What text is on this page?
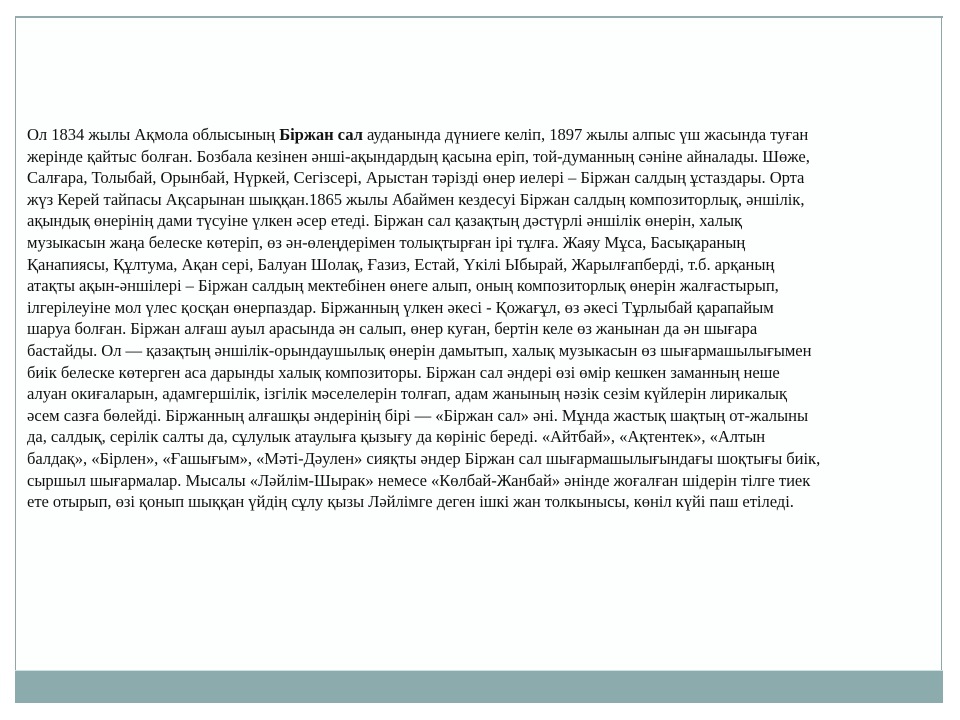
Ол 1834 жылы Ақмола облысының Біржан сал ауданында дүниеге келіп, 1897 жылы алпыс үш жасында туған
жерінде қайтыс болған. Бозбала кезінен әнші-ақындардың қасына еріп, той-думанның сәніне айналады. Шөже,
Салғара, Толыбай, Орынбай, Нүркей, Сегізсері, Арыстан тәрізді өнер иелері – Біржан салдың ұстаздары. Орта
жүз Керей тайпасы Ақсарынан шыққан.1865 жылы Абаймен кездесуі Біржан салдың композиторлық, әншілік,
ақындық өнерінің дами түсуіне үлкен әсер етеді. Біржан сал қазақтың дәстүрлі әншілік өнерін, халық
музыкасын жаңа белеске көтеріп, өз ән-өлеңдерімен толықтырған ірі тұлға. Жаяу Мұса, Басықараның
Қанапиясы, Құлтума, Ақан сері, Балуан Шолақ, Ғазиз, Естай, Үкілі Ыбырай, Жарылғапберді, т.б. арқаның
атақты ақын-әншілері – Біржан салдың мектебінен өнеге алып, оның композиторлық өнерін жалғастырып,
ілгерілеуіне мол үлес қосқан өнерпаздар. Біржанның үлкен әкесі - Қожағұл, өз әкесі Тұрлыбай қарапайым
шаруа болған. Біржан алғаш ауыл арасында ән салып, өнер куған, бертін келе өз жанынан да ән шығара
бастайды. Ол — қазақтың әншілік-орындаушылық өнерін дамытып, халық музыкасын өз шығармашылығымен
биік белеске көтерген аса дарынды халық композиторы. Біржан сал әндері өзі өмір кешкен заманның неше
алуан окиғаларын, адамгершілік, ізгілік мәселелерін толғап, адам жанының нәзік сезім күйлерін лирикалық
әсем сазға бөлейді. Біржанның алғашқы әндерінің бірі — «Біржан сал» әні. Мұнда жастық шақтың от-жалыны
да, салдық, серілік салты да, сұлулык атаулыға қызығу да көрініс береді. «Айтбай», «Ақтентек», «Алтын
балдақ», «Бірлен», «Ғашығым», «Мәті-Дәулен» сияқты әндер Біржан сал шығармашылығындағы шоқтығы биік,
сыршыл шығармалар. Мысалы «Ләйлім-Шырак» немесе «Көлбай-Жанбай» әнінде жоғалған шідерін тілге тиек
ете отырып, өзі қонып шыққан үйдің сұлу қызы Ләйлімге деген ішкі жан толкынысы, көніл күйі паш етіледі.
